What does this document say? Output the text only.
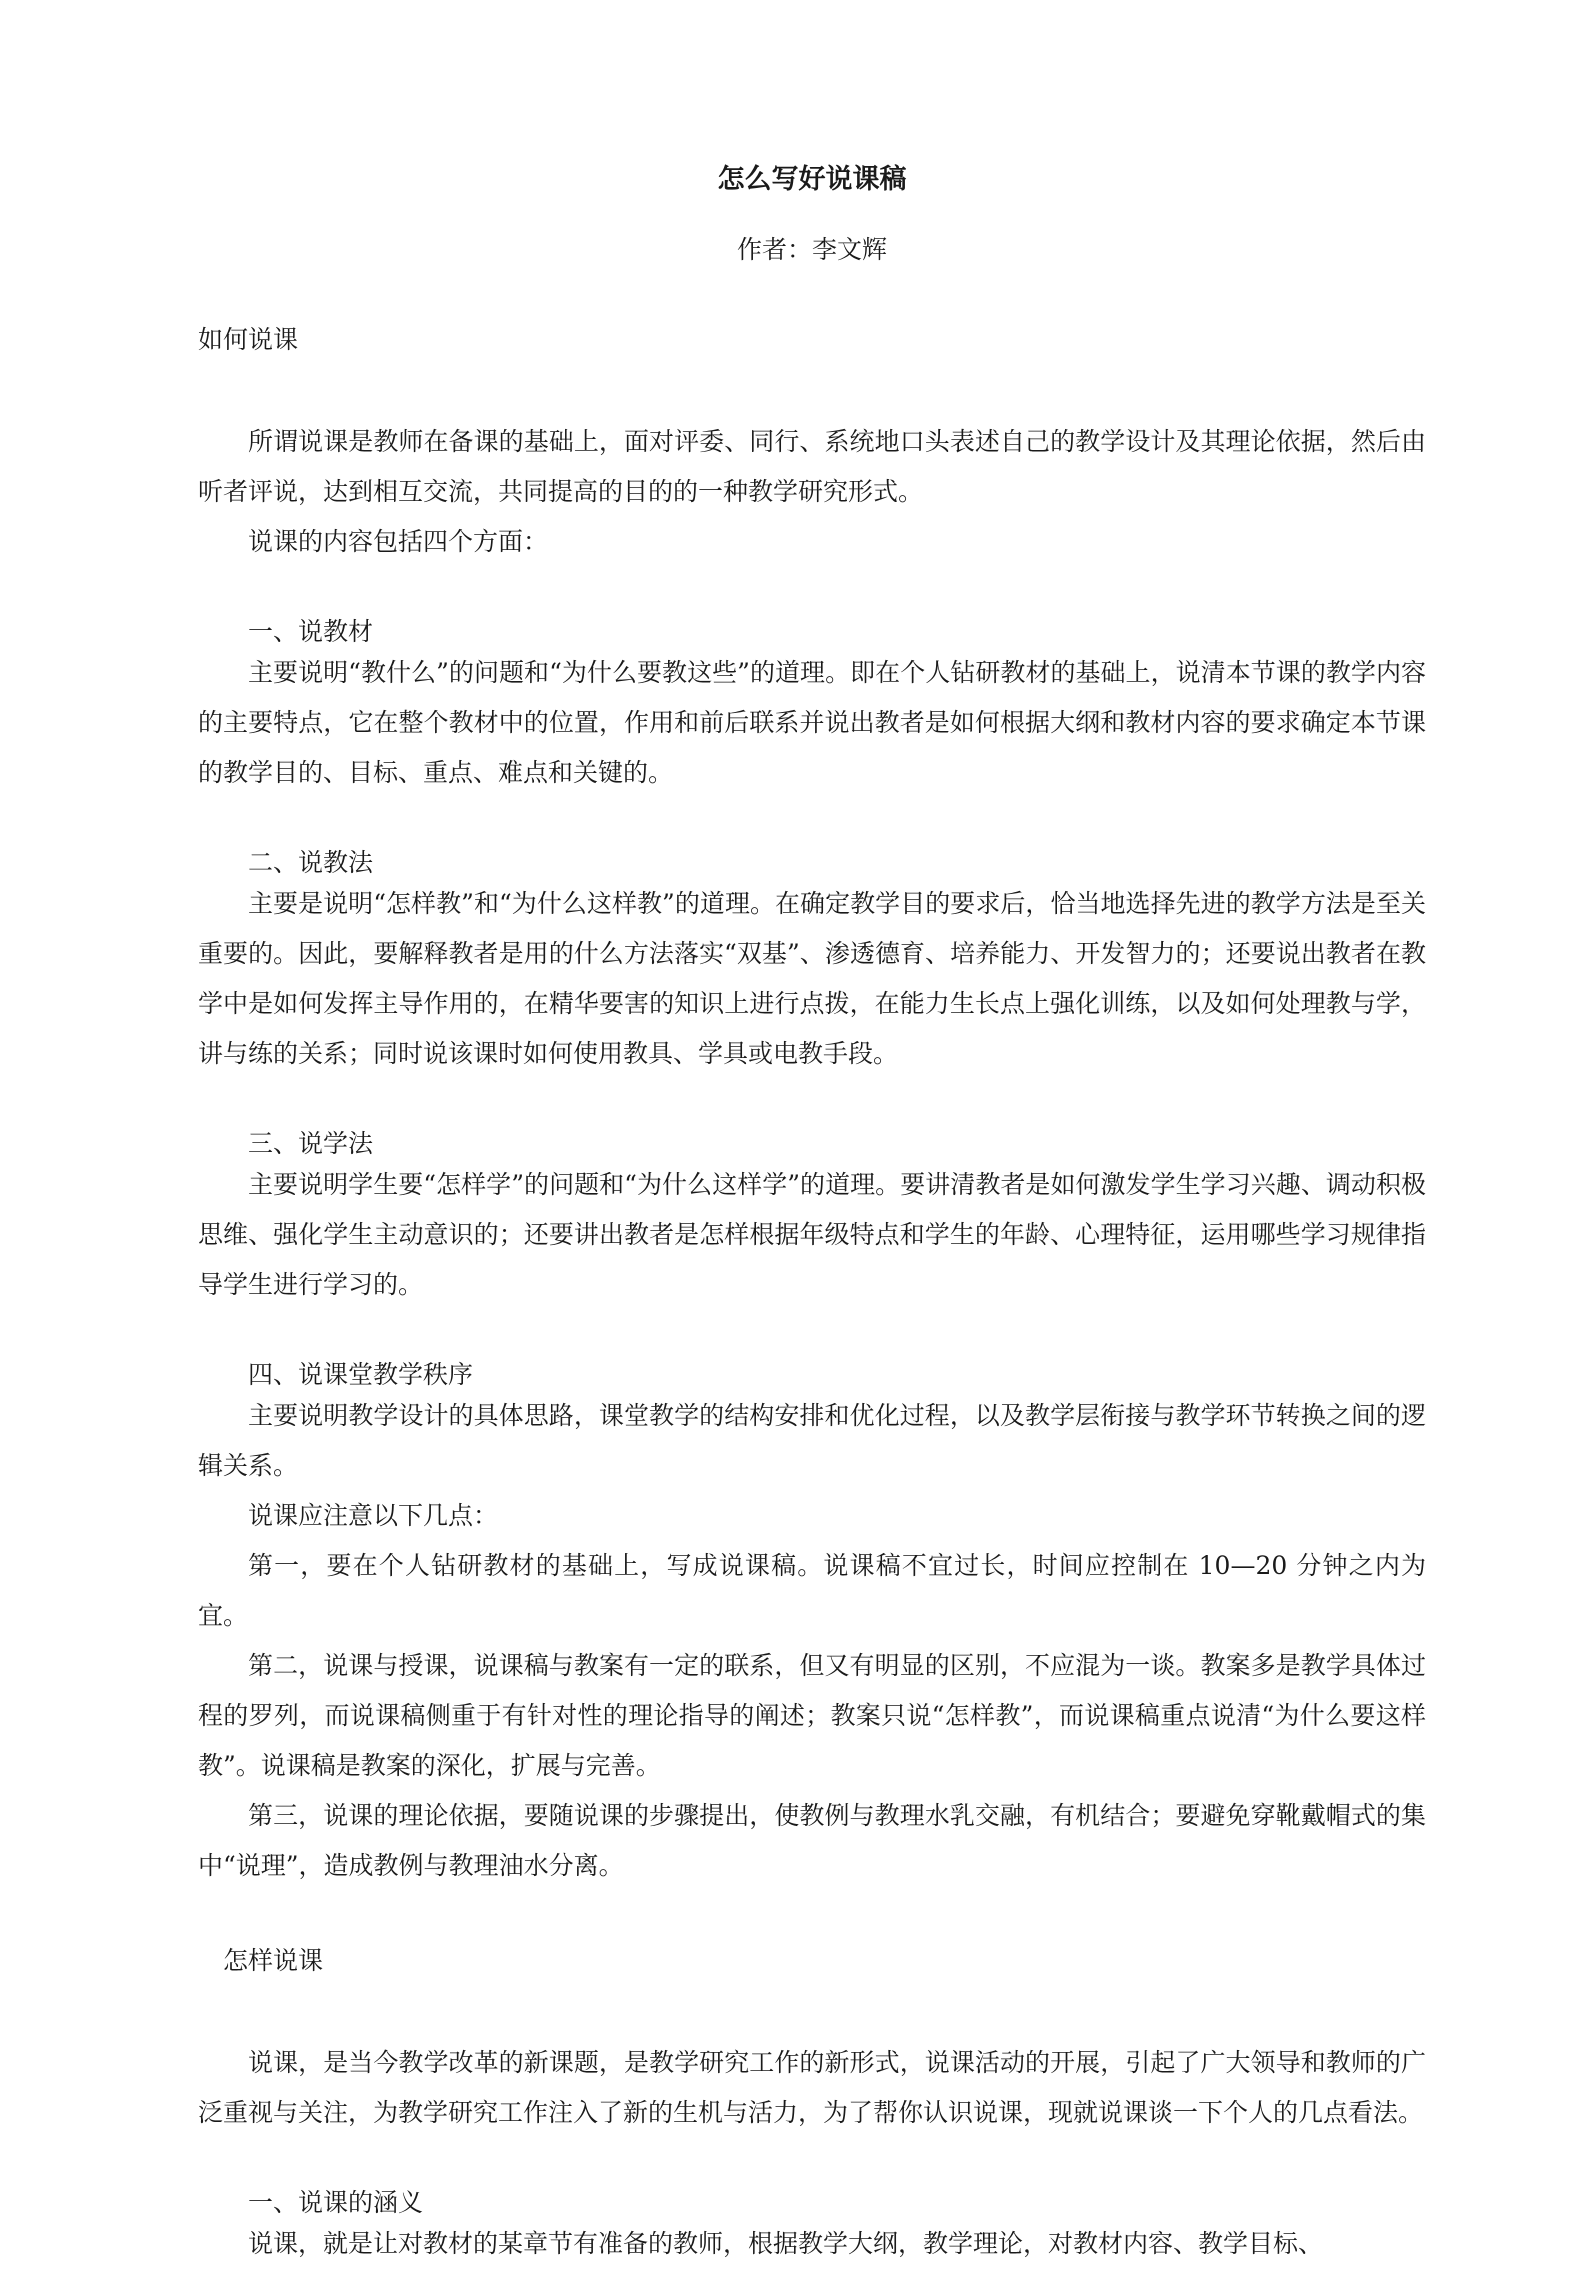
怎么写好说课稿
作者：李文辉
如何说课

所谓说课是教师在备课的基础上，面对评委、同行、系统地口头表述自己的教学设计及其理论依据，然后由听者评说，达到相互交流，共同提高的目的的一种教学研究形式。

说课的内容包括四个方面：

一、说教材

主要说明“教什么”的问题和“为什么要教这些”的道理。即在个人钻研教材的基础上，说清本节课的教学内容的主要特点，它在整个教材中的位置，作用和前后联系并说出教者是如何根据大纲和教材内容的要求确定本节课的教学目的、目标、重点、难点和关键的。

二、说教法

主要是说明“怎样教”和“为什么这样教”的道理。在确定教学目的要求后，恰当地选择先进的教学方法是至关重要的。因此，要解释教者是用的什么方法落实“双基”、渗透德育、培养能力、开发智力的；还要说出教者在教学中是如何发挥主导作用的，在精华要害的知识上进行点拨，在能力生长点上强化训练，以及如何处理教与学，讲与练的关系；同时说该课时如何使用教具、学具或电教手段。

三、说学法

主要说明学生要“怎样学”的问题和“为什么这样学”的道理。要讲清教者是如何激发学生学习兴趣、调动积极思维、强化学生主动意识的；还要讲出教者是怎样根据年级特点和学生的年龄、心理特征，运用哪些学习规律指导学生进行学习的。

四、说课堂教学秩序

主要说明教学设计的具体思路，课堂教学的结构安排和优化过程，以及教学层衔接与教学环节转换之间的逻辑关系。

说课应注意以下几点：

第一，要在个人钻研教材的基础上，写成说课稿。说课稿不宜过长，时间应控制在 10—20 分钟之内为宜。

第二，说课与授课，说课稿与教案有一定的联系，但又有明显的区别，不应混为一谈。教案多是教学具体过程的罗列，而说课稿侧重于有针对性的理论指导的阐述；教案只说“怎样教”，而说课稿重点说清“为什么要这样教”。说课稿是教案的深化，扩展与完善。

第三，说课的理论依据，要随说课的步骤提出，使教例与教理水乳交融，有机结合；要避免穿靴戴帽式的集中“说理”，造成教例与教理油水分离。

怎样说课

说课，是当今教学改革的新课题，是教学研究工作的新形式，说课活动的开展，引起了广大领导和教师的广泛重视与关注，为教学研究工作注入了新的生机与活力，为了帮你认识说课，现就说课谈一下个人的几点看法。

一、说课的涵义

说课，就是让对教材的某章节有准备的教师，根据教学大纲，教学理论，对教材内容、教学目标、
